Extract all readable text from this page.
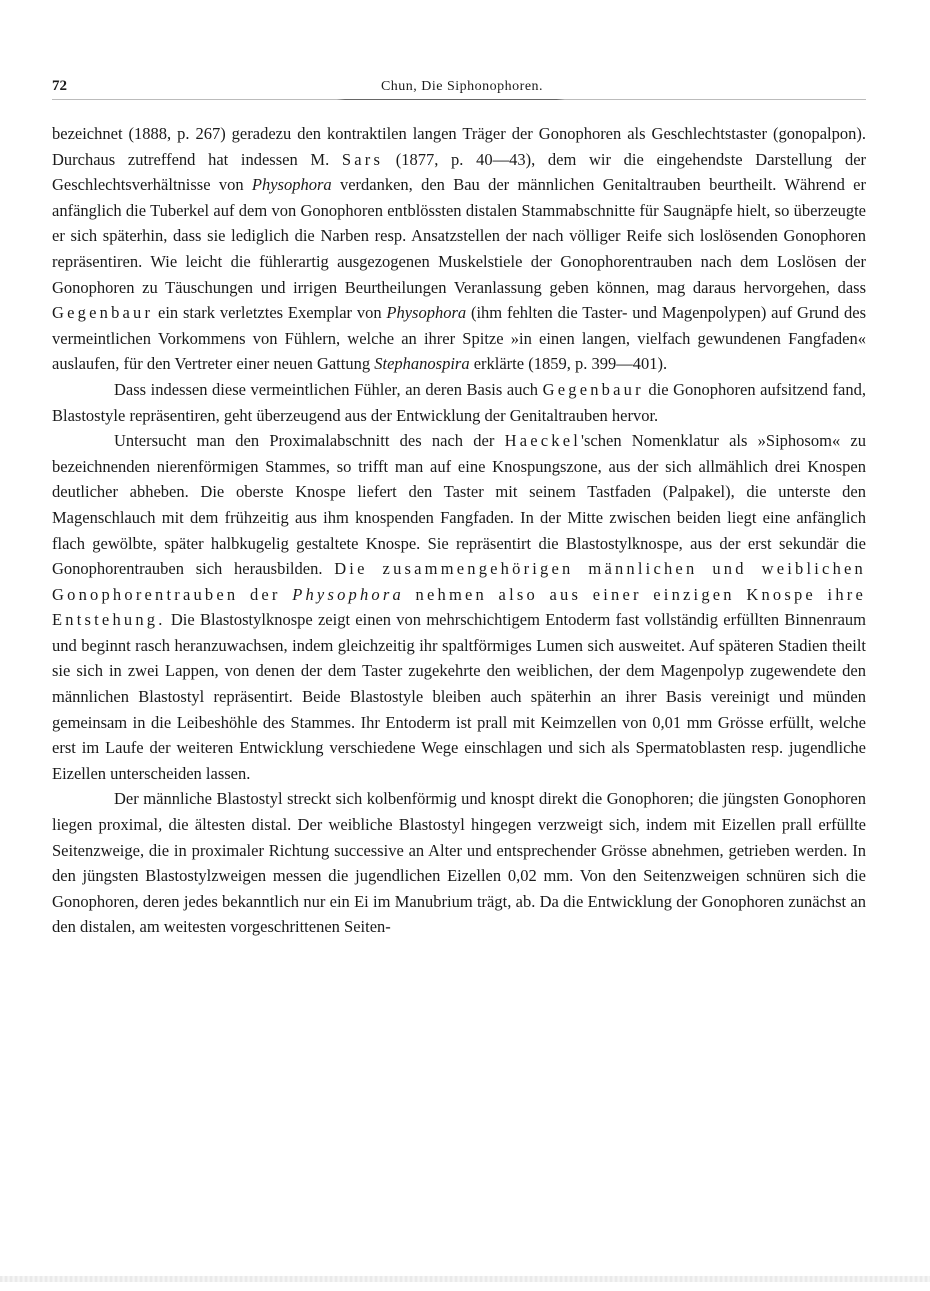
72	Chun, Die Siphonophoren.

bezeichnet (1888, p. 267) geradezu den kontraktilen langen Träger der Gonophoren als Geschlechtstaster (gonopalpon). Durchaus zutreffend hat indessen M. Sars (1877, p. 40—43), dem wir die eingehendste Darstellung der Geschlechtsverhältnisse von Physophora verdanken, den Bau der männlichen Genitaltrauben beurtheilt. Während er anfänglich die Tuberkel auf dem von Gonophoren entblössten distalen Stammabschnitte für Saugnäpfe hielt, so überzeugte er sich späterhin, dass sie lediglich die Narben resp. Ansatzstellen der nach völliger Reife sich loslösenden Gonophoren repräsentiren. Wie leicht die fühlerartig ausgezogenen Muskelstiele der Gonophorentrauben nach dem Loslösen der Gonophoren zu Täuschungen und irrigen Beurtheilungen Veranlassung geben können, mag daraus hervorgehen, dass Gegenbaur ein stark verletztes Exemplar von Physophora (ihm fehlten die Taster- und Magenpolypen) auf Grund des vermeintlichen Vorkommens von Fühlern, welche an ihrer Spitze »in einen langen, vielfach gewundenen Fangfaden« auslaufen, für den Vertreter einer neuen Gattung Stephanospira erklärte (1859, p. 399—401).

Dass indessen diese vermeintlichen Fühler, an deren Basis auch Gegenbaur die Gonophoren aufsitzend fand, Blastostyle repräsentiren, geht überzeugend aus der Entwicklung der Genitaltrauben hervor.

Untersucht man den Proximalabschnitt des nach der Haeckel'schen Nomenklatur als »Siphosom« zu bezeichnenden nierenförmigen Stammes, so trifft man auf eine Knospungszone, aus der sich allmählich drei Knospen deutlicher abheben. Die oberste Knospe liefert den Taster mit seinem Tastfaden (Palpakel), die unterste den Magenschlauch mit dem frühzeitig aus ihm knospenden Fangfaden. In der Mitte zwischen beiden liegt eine anfänglich flach gewölbte, später halbkugelig gestaltete Knospe. Sie repräsentirt die Blastostylknospe, aus der erst sekundär die Gonophorentrauben sich herausbilden. Die zusammengehörigen männlichen und weiblichen Gonophorentrauben der Physophora nehmen also aus einer einzigen Knospe ihre Entstehung. Die Blastostylknospe zeigt einen von mehrschichtigem Entoderm fast vollständig erfüllten Binnenraum und beginnt rasch heranzuwachsen, indem gleichzeitig ihr spaltförmiges Lumen sich ausweitet. Auf späteren Stadien theilt sie sich in zwei Lappen, von denen der dem Taster zugekehrte den weiblichen, der dem Magenpolyp zugewendete den männlichen Blastostyl repräsentirt. Beide Blastostyle bleiben auch späterhin an ihrer Basis vereinigt und münden gemeinsam in die Leibeshöhle des Stammes. Ihr Entoderm ist prall mit Keimzellen von 0,01 mm Grösse erfüllt, welche erst im Laufe der weiteren Entwicklung verschiedene Wege einschlagen und sich als Spermatoblasten resp. jugendliche Eizellen unterscheiden lassen.

Der männliche Blastostyl streckt sich kolbenförmig und knospt direkt die Gonophoren; die jüngsten Gonophoren liegen proximal, die ältesten distal. Der weibliche Blastostyl hingegen verzweigt sich, indem mit Eizellen prall erfüllte Seitenzweige, die in proximaler Richtung successive an Alter und entsprechender Grösse abnehmen, getrieben werden. In den jüngsten Blastostylzweigen messen die jugendlichen Eizellen 0,02 mm. Von den Seitenzweigen schnüren sich die Gonophoren, deren jedes bekanntlich nur ein Ei im Manubrium trägt, ab. Da die Entwicklung der Gonophoren zunächst an den distalen, am weitesten vorgeschrittenen Seiten-
